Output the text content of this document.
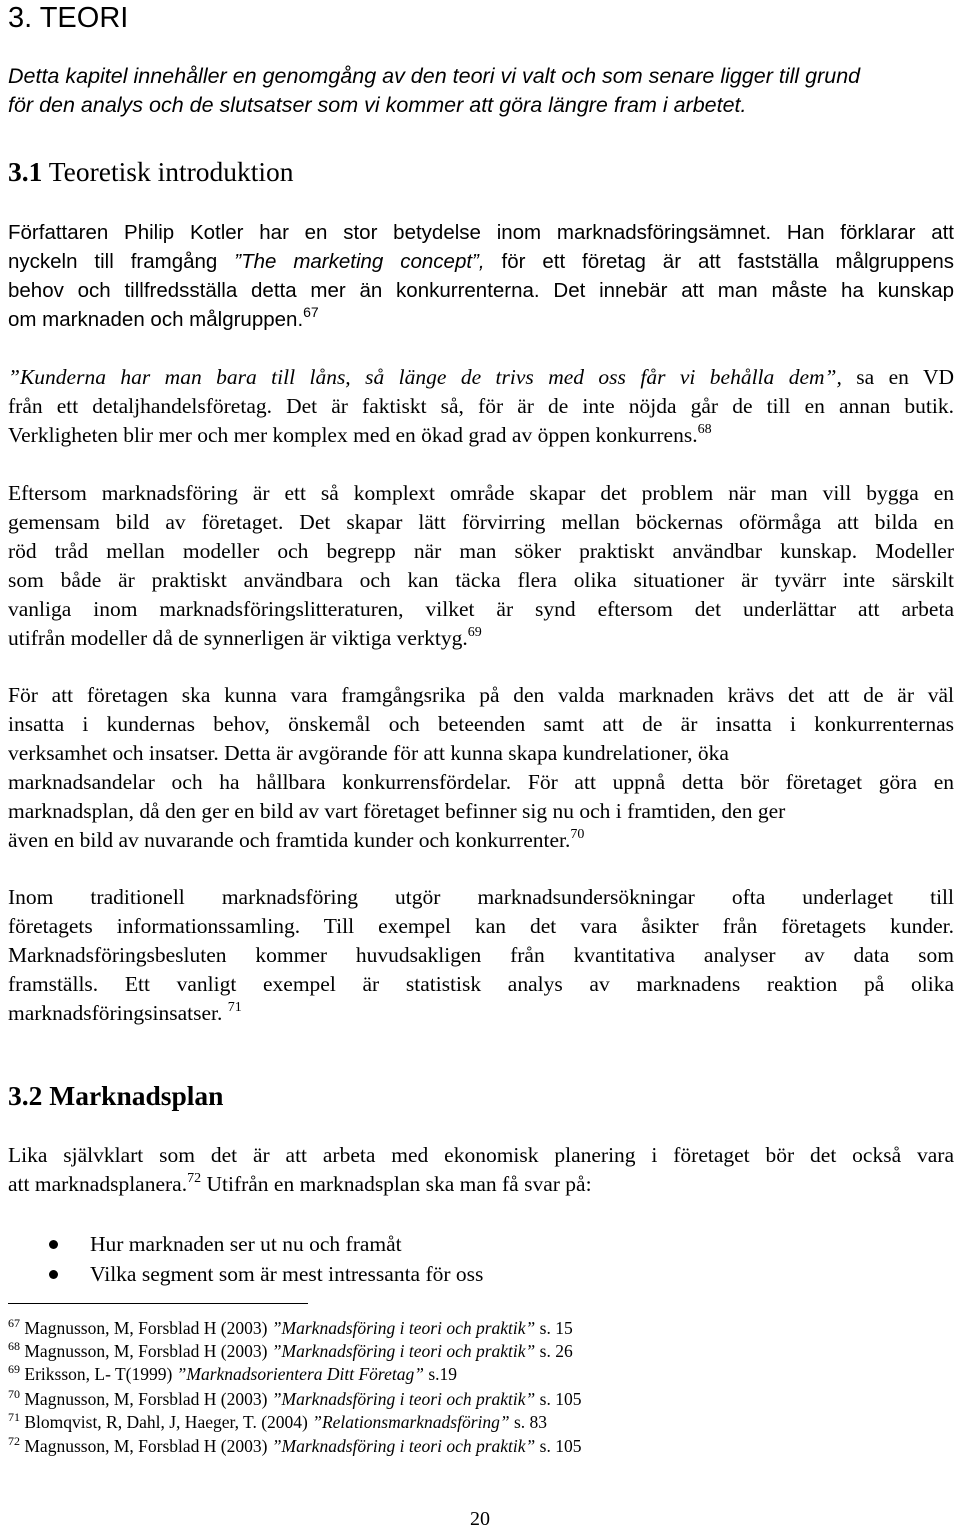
3. TEORI
Detta kapitel innehåller en genomgång av den teori vi valt och som senare ligger till grund
för den analys och de slutsatser som vi kommer att göra längre fram i arbetet.
3.1 Teoretisk introduktion
Författaren Philip Kotler har en stor betydelse inom marknadsföringsämnet. Han förklarar att
nyckeln till framgång ”The marketing concept”, för ett företag är att fastställa målgruppens
behov och tillfredsställa detta mer än konkurrenterna. Det innebär att man måste ha kunskap
om marknaden och målgruppen.$^{67}$
”Kunderna har man bara till låns, så länge de trivs med oss får vi behålla dem”, sa en VD
från ett detaljhandelsföretag. Det är faktiskt så, för är de inte nöjda går de till en annan butik.
Verkligheten blir mer och mer komplex med en ökad grad av öppen konkurrens.$^{68}$
Eftersom marknadsföring är ett så komplext område skapar det problem när man vill bygga en
gemensam bild av företaget. Det skapar lätt förvirring mellan böckernas oförmåga att bilda en
röd tråd mellan modeller och begrepp när man söker praktiskt användbar kunskap. Modeller
som både är praktiskt användbara och kan täcka flera olika situationer är tyvärr inte särskilt
vanliga inom marknadsföringslitteraturen, vilket är synd eftersom det underlättar att arbeta
utifrån modeller då de synnerligen är viktiga verktyg.$^{69}$
För att företagen ska kunna vara framgångsrika på den valda marknaden krävs det att de är väl
insatta i kundernas behov, önskemål och beteenden samt att de är insatta i konkurrenternas
verksamhet och insatser. Detta är avgörande för att kunna skapa kundrelationer, öka
marknadsandelar och ha hållbara konkurrensfördelar. För att uppnå detta bör företaget göra en
marknadsplan, då den ger en bild av vart företaget befinner sig nu och i framtiden, den ger
även en bild av nuvarande och framtida kunder och konkurrenter.$^{70}$
Inom traditionell marknadsföring utgör marknadsundersökningar ofta underlaget till
företagets informationssamling. Till exempel kan det vara åsikter från företagets kunder.
Marknadsföringsbesluten kommer huvudsakligen från kvantitativa analyser av data som
framställs. Ett vanligt exempel är statistisk analys av marknadens reaktion på olika
marknadsföringsinsatser. $^{71}$
3.2 Marknadsplan
Lika självklart som det är att arbeta med ekonomisk planering i företaget bör det också vara
att marknadsplanera.$^{72}$ Utifrån en marknadsplan ska man få svar på:
Hur marknaden ser ut nu och framåt
Vilka segment som är mest intressanta för oss
$^{67}$ Magnusson, M, Forsblad H (2003) ”Marknadsföring i teori och praktik” s. 15
$^{68}$ Magnusson, M, Forsblad H (2003) ”Marknadsföring i teori och praktik” s. 26
$^{69}$ Eriksson, L- T(1999) ”Marknadsorientera Ditt Företag” s.19
$^{70}$ Magnusson, M, Forsblad H (2003) ”Marknadsföring i teori och praktik” s. 105
$^{71}$ Blomqvist, R, Dahl, J, Haeger, T. (2004) ”Relationsmarknadsföring” s. 83
$^{72}$ Magnusson, M, Forsblad H (2003) ”Marknadsföring i teori och praktik” s. 105
20
